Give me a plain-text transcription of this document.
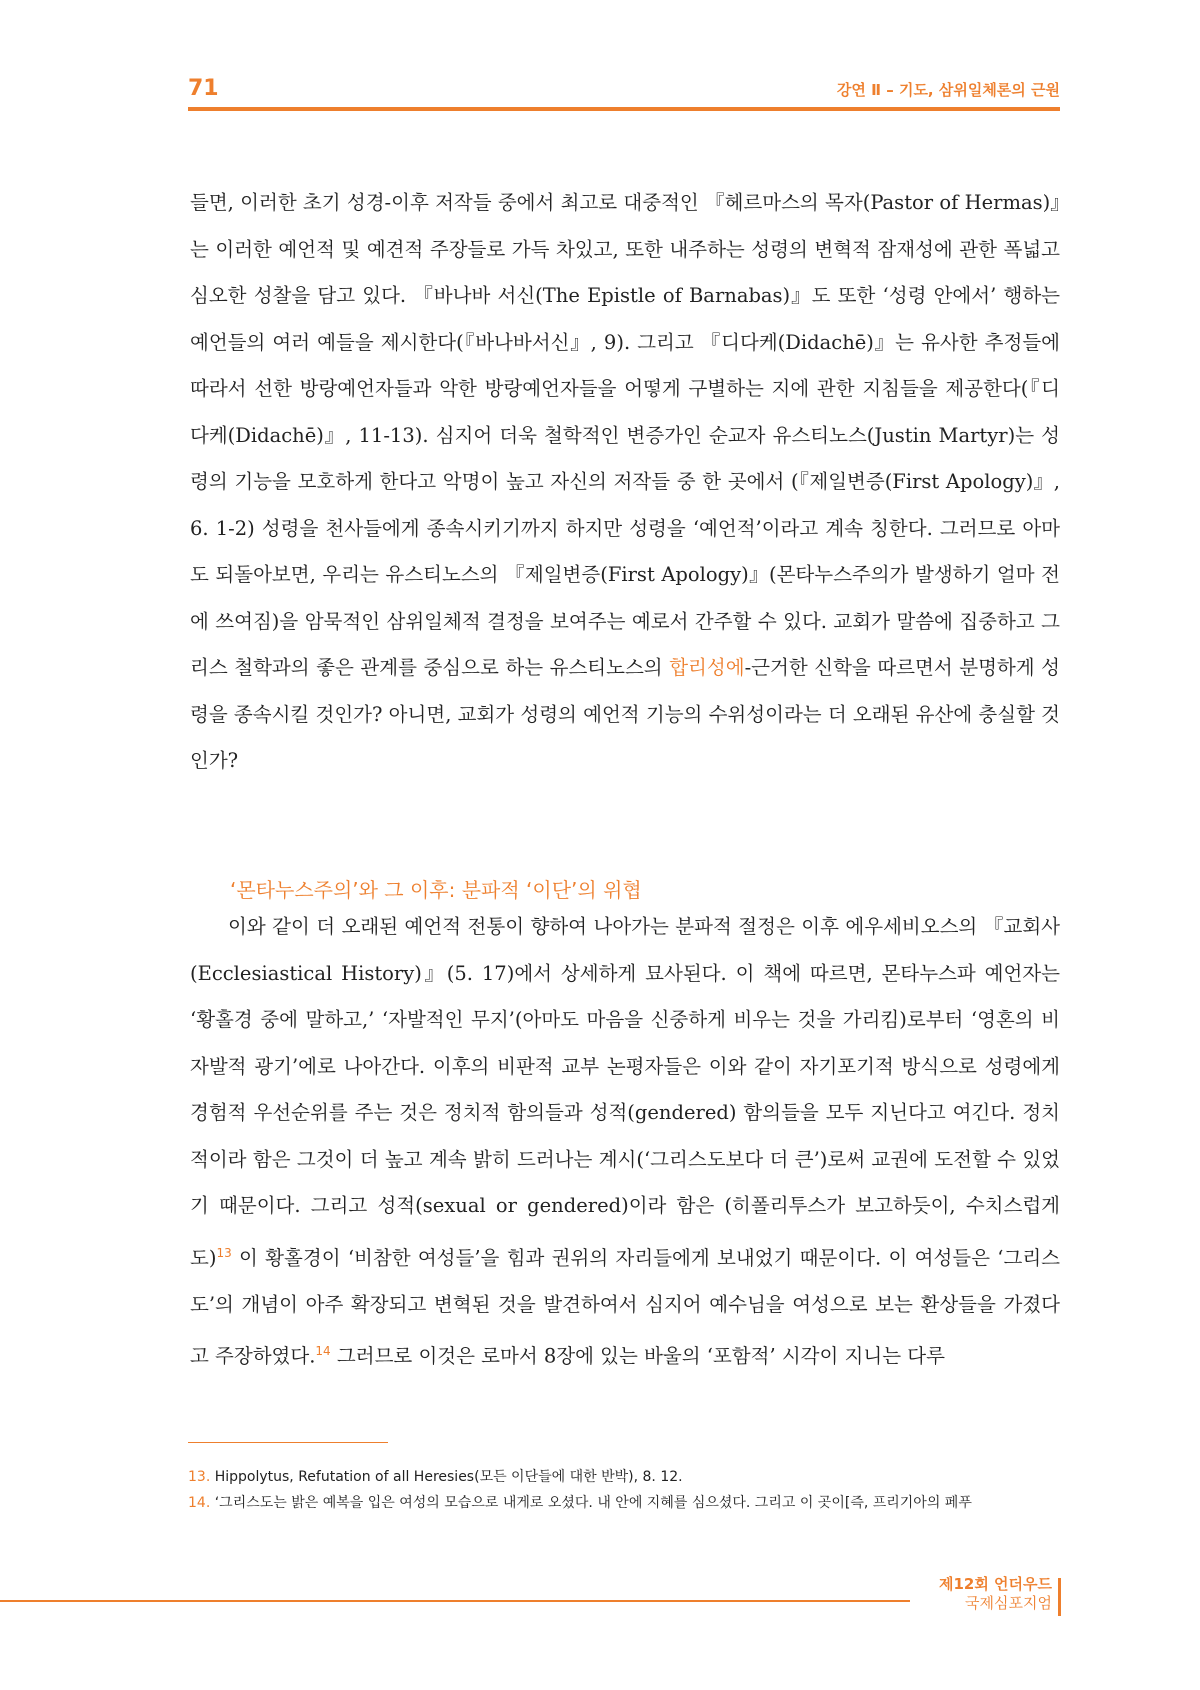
71	강연 Ⅱ – 기도, 삼위일체론의 근원

들면, 이러한 초기 성경-이후 저작들 중에서 최고로 대중적인 『헤르마스의 목자(Pastor of Hermas)』는 이러한 예언적 및 예견적 주장들로 가득 차있고, 또한 내주하는 성령의 변혁적 잠재성에 관한 폭넓고 심오한 성찰을 담고 있다. 『바나바 서신(The Epistle of Barnabas)』도 또한 ‘성령 안에서’ 행하는 예언들의 여러 예들을 제시한다(『바나바서신』, 9). 그리고 『디다케(Didachē)』는 유사한 추정들에 따라서 선한 방랑예언자들과 악한 방랑예언자들을 어떻게 구별하는 지에 관한 지침들을 제공한다(『디다케(Didachē)』, 11-13). 심지어 더욱 철학적인 변증가인 순교자 유스티노스(Justin Martyr)는 성령의 기능을 모호하게 한다고 악명이 높고 자신의 저작들 중 한 곳에서 (『제일변증(First Apology)』, 6. 1-2) 성령을 천사들에게 종속시키기까지 하지만 성령을 ‘예언적’이라고 계속 칭한다. 그러므로 아마도 되돌아보면, 우리는 유스티노스의 『제일변증(First Apology)』(몬타누스주의가 발생하기 얼마 전에 쓰여짐)을 암묵적인 삼위일체적 결정을 보여주는 예로서 간주할 수 있다. 교회가 말씀에 집중하고 그리스 철학과의 좋은 관계를 중심으로 하는 유스티노스의 합리성에-근거한 신학을 따르면서 분명하게 성령을 종속시킬 것인가? 아니면, 교회가 성령의 예언적 기능의 수위성이라는 더 오래된 유산에 충실할 것인가?

‘몬타누스주의’와 그 이후: 분파적 ‘이단’의 위협

이와 같이 더 오래된 예언적 전통이 향하여 나아가는 분파적 절정은 이후 에우세비오스의 『교회사(Ecclesiastical History)』(5. 17)에서 상세하게 묘사된다. 이 책에 따르면, 몬타누스파 예언자는 ‘황홀경 중에 말하고,’ ‘자발적인 무지’(아마도 마음을 신중하게 비우는 것을 가리킴)로부터 ‘영혼의 비자발적 광기’에로 나아간다. 이후의 비판적 교부 논평자들은 이와 같이 자기포기적 방식으로 성령에게 경험적 우선순위를 주는 것은 정치적 함의들과 성적(gendered) 함의들을 모두 지닌다고 여긴다. 정치적이라 함은 그것이 더 높고 계속 밝히 드러나는 계시(‘그리스도보다 더 큰’)로써 교권에 도전할 수 있었기 때문이다. 그리고 성적(sexual or gendered)이라 함은 (히폴리투스가 보고하듯이, 수치스럽게도)$^{13}$ 이 황홀경이 ‘비참한 여성들’을 힘과 권위의 자리들에게 보내었기 때문이다. 이 여성들은 ‘그리스도’의 개념이 아주 확장되고 변혁된 것을 발견하여서 심지어 예수님을 여성으로 보는 환상들을 가졌다고 주장하였다.$^{14}$ 그러므로 이것은 로마서 8장에 있는 바울의 ‘포함적’ 시각이 지니는 다루

13. Hippolytus, Refutation of all Heresies(모든 이단들에 대한 반박), 8. 12.
14. ‘그리스도는 밝은 예복을 입은 여성의 모습으로 내게로 오셨다. 내 안에 지혜를 심으셨다. 그리고 이 곳이[즉, 프리기아의 페푸
제12회 언더우드
국제심포지엄
